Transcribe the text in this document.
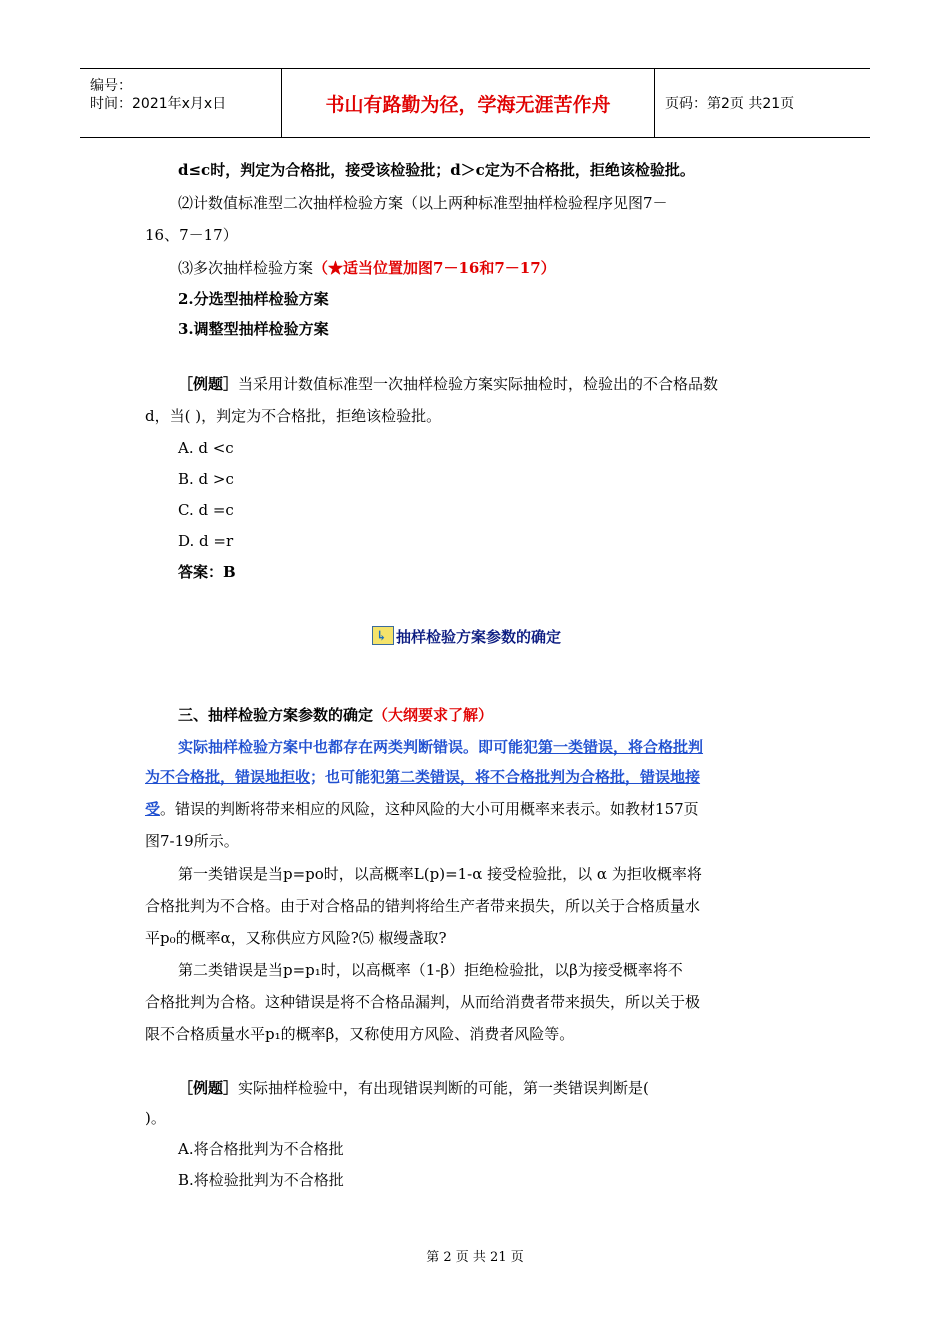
编号：
时间：2021年x月x日	书山有路勤为径，学海无涯苦作舟	页码：第2页 共21页
d≤c时，判定为合格批，接受该检验批；d＞c定为不合格批，拒绝该检验批。
⑵计数值标准型二次抽样检验方案（以上两种标准型抽样检验程序见图7－
16、7－17）
⑶多次抽样检验方案（★适当位置加图7－16和7－17）
2.分选型抽样检验方案
3.调整型抽样检验方案
［例题］当采用计数值标准型一次抽样检验方案实际抽检时，检验出的不合格品数
d，当( )，判定为不合格批，拒绝该检验批。
A. d <c
B. d >c
C. d =c
D. d =r
答案：B
↳ 抽样检验方案参数的确定
三、抽样检验方案参数的确定（大纲要求了解）
实际抽样检验方案中也都存在两类判断错误。即可能犯第一类错误，将合格批判
为不合格批，错误地拒收；也可能犯第二类错误，将不合格批判为合格批，错误地接
受。错误的判断将带来相应的风险，这种风险的大小可用概率来表示。如教材157页
图7-19所示。
第一类错误是当p=po时，以高概率L(p)=1-α 接受检验批，以 α 为拒收概率将
合格批判为不合格。由于对合格品的错判将给生产者带来损失，所以关于合格质量水
平p₀的概率α，又称供应方风险?⑸ 椒缦盏取?
第二类错误是当p=p₁时，以高概率（1-β）拒绝检验批，以β为接受概率将不
合格批判为合格。这种错误是将不合格品漏判，从而给消费者带来损失，所以关于极
限不合格质量水平p₁的概率β，又称使用方风险、消费者风险等。
［例题］实际抽样检验中，有出现错误判断的可能，第一类错误判断是(
)。
A.将合格批判为不合格批
B.将检验批判为不合格批
第 2 页 共 21 页
